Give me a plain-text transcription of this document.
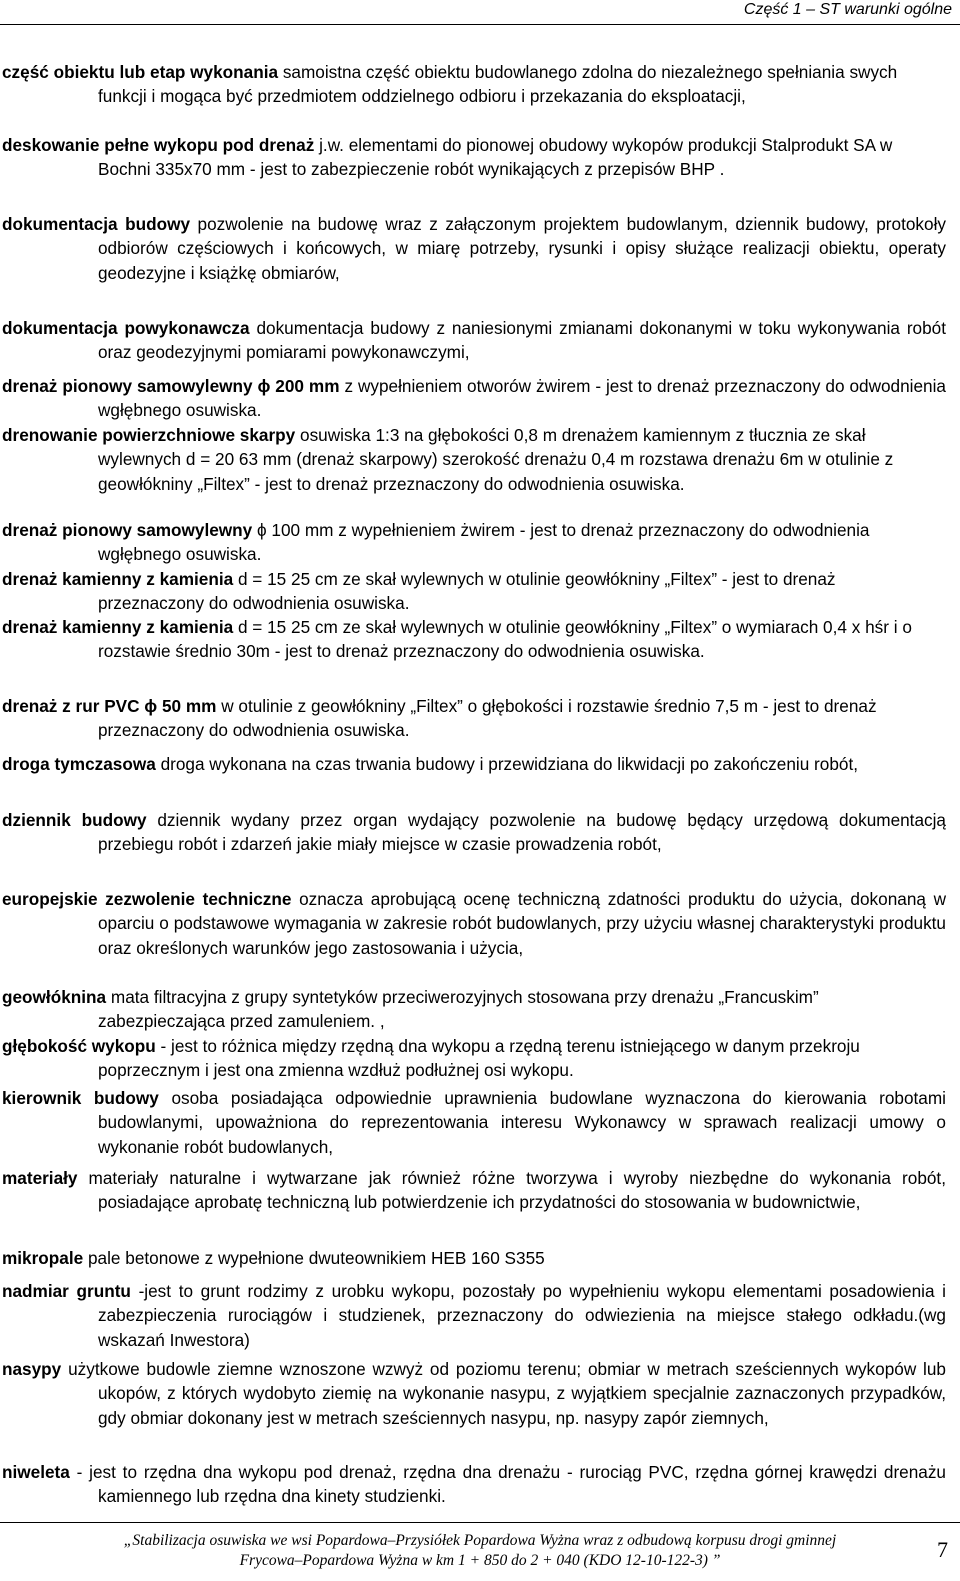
Część 1 – ST warunki ogólne
część obiektu lub etap wykonania samoistna część obiektu budowlanego zdolna do niezależnego spełniania swych funkcji i mogąca być przedmiotem oddzielnego odbioru i przekazania do eksploatacji,
deskowanie pełne wykopu pod drenaż j.w. elementami do pionowej obudowy wykopów produkcji Stalprodukt SA w Bochni 335x70 mm - jest to zabezpieczenie robót wynikających z przepisów BHP .
dokumentacja budowy pozwolenie na budowę wraz z załączonym projektem budowlanym, dziennik budowy, protokoły odbiorów częściowych i końcowych, w miarę potrzeby, rysunki i opisy służące realizacji obiektu, operaty geodezyjne i książkę obmiarów,
dokumentacja powykonawcza dokumentacja budowy z naniesionymi zmianami dokonanymi w toku wykonywania robót oraz geodezyjnymi pomiarami powykonawczymi,
drenaż pionowy samowylewny ϕ 200 mm z wypełnieniem otworów żwirem - jest to drenaż przeznaczony do odwodnienia wgłębnego osuwiska.
drenowanie powierzchniowe skarpy osuwiska 1:3 na głębokości 0,8 m drenażem kamiennym z tłucznia ze skał wylewnych d = 20 63 mm (drenaż skarpowy) szerokość drenażu 0,4 m rozstawa drenażu 6m w otulinie z geowłókniny „Filtex” - jest to drenaż przeznaczony do odwodnienia osuwiska.
drenaż pionowy samowylewny ϕ 100 mm z wypełnieniem żwirem - jest to drenaż przeznaczony do odwodnienia wgłębnego osuwiska.
drenaż kamienny z kamienia d = 15 25 cm ze skał wylewnych w otulinie geowłókniny „Filtex” - jest to drenaż przeznaczony do odwodnienia osuwiska.
drenaż kamienny z kamienia d = 15 25 cm ze skał wylewnych w otulinie geowłókniny „Filtex” o wymiarach 0,4 x hśr i o rozstawie średnio 30m - jest to drenaż przeznaczony do odwodnienia osuwiska.
drenaż z rur PVC ϕ 50 mm w otulinie z geowłókniny „Filtex” o głębokości i rozstawie średnio 7,5 m - jest to drenaż przeznaczony do odwodnienia osuwiska.
droga tymczasowa droga wykonana na czas trwania budowy i przewidziana do likwidacji po zakończeniu robót,
dziennik budowy dziennik wydany przez organ wydający pozwolenie na budowę będący urzędową dokumentacją przebiegu robót i zdarzeń jakie miały miejsce w czasie prowadzenia robót,
europejskie zezwolenie techniczne oznacza aprobującą ocenę techniczną zdatności produktu do użycia, dokonaną w oparciu o podstawowe wymagania w zakresie robót budowlanych, przy użyciu własnej charakterystyki produktu oraz określonych warunków jego zastosowania i użycia,
geowłóknina mata filtracyjna z grupy syntetyków przeciwerozyjnych stosowana przy drenażu „Francuskim” zabezpieczająca przed zamuleniem. ,
głębokość wykopu - jest to różnica między rzędną dna wykopu a rzędną terenu istniejącego w danym przekroju poprzecznym i jest ona zmienna wzdłuż podłużnej osi wykopu.
kierownik budowy osoba posiadająca odpowiednie uprawnienia budowlane wyznaczona do kierowania robotami budowlanymi, upoważniona do reprezentowania interesu Wykonawcy w sprawach realizacji umowy o wykonanie robót budowlanych,
materiały materiały naturalne i wytwarzane jak również różne tworzywa i wyroby niezbędne do wykonania robót, posiadające aprobatę techniczną lub potwierdzenie ich przydatności do stosowania w budownictwie,
mikropale pale betonowe z wypełnione dwuteownikiem HEB 160 S355
nadmiar gruntu -jest to grunt rodzimy z urobku wykopu, pozostały po wypełnieniu wykopu elementami posadowienia i zabezpieczenia rurociągów i studzienek, przeznaczony do odwiezienia na miejsce stałego odkładu.(wg wskazań Inwestora)
nasypy użytkowe budowle ziemne wznoszone wzwyż od poziomu terenu; obmiar w metrach sześciennych wykopów lub ukopów, z których wydobyto ziemię na wykonanie nasypu, z wyjątkiem specjalnie zaznaczonych przypadków, gdy obmiar dokonany jest w metrach sześciennych nasypu, np. nasypy zapór ziemnych,
niweleta - jest to rzędna dna wykopu pod drenaż, rzędna dna drenażu - rurociąg PVC, rzędna górnej krawędzi drenażu kamiennego lub rzędna dna kinety studzienki.
„Stabilizacja osuwiska we wsi Popardowa–Przysiółek Popardowa Wyżna wraz z odbudową korpusu drogi gminnej
Frycowa–Popardowa Wyżna w km 1 + 850 do 2 + 040 (KDO 12-10-122-3) ”	7
